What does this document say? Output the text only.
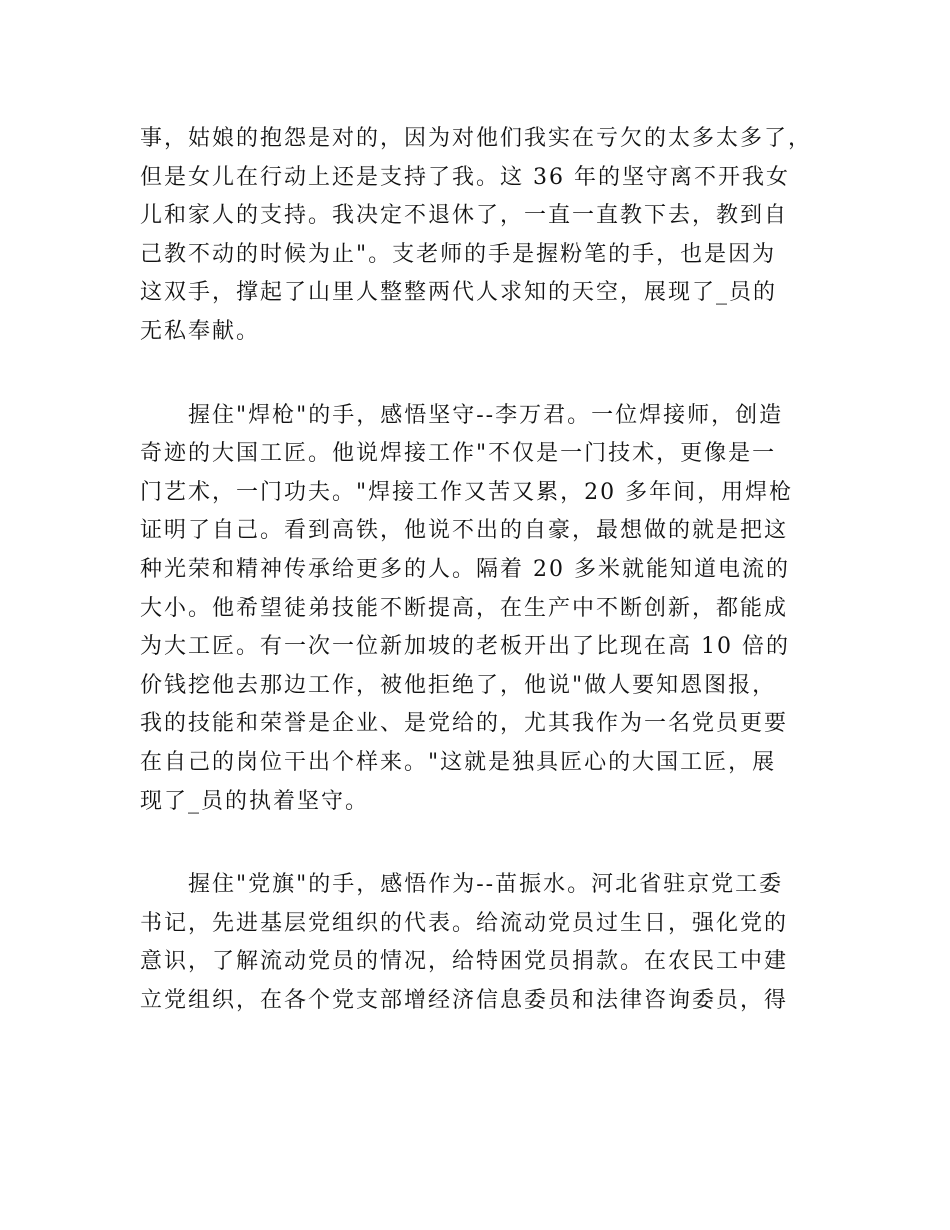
事，姑娘的抱怨是对的，因为对他们我实在亏欠的太多太多了，
但是女儿在行动上还是支持了我。这 36 年的坚守离不开我女
儿和家人的支持。我决定不退休了，一直一直教下去，教到自
己教不动的时候为止"。支老师的手是握粉笔的手，也是因为
这双手，撑起了山里人整整两代人求知的天空，展现了_员的
无私奉献。
握住"焊枪"的手，感悟坚守--李万君。一位焊接师，创造
奇迹的大国工匠。他说焊接工作"不仅是一门技术，更像是一
门艺术，一门功夫。"焊接工作又苦又累，20 多年间，用焊枪
证明了自己。看到高铁，他说不出的自豪，最想做的就是把这
种光荣和精神传承给更多的人。隔着 20 多米就能知道电流的
大小。他希望徒弟技能不断提高，在生产中不断创新，都能成
为大工匠。有一次一位新加坡的老板开出了比现在高 10 倍的
价钱挖他去那边工作，被他拒绝了，他说"做人要知恩图报，
我的技能和荣誉是企业、是党给的，尤其我作为一名党员更要
在自己的岗位干出个样来。"这就是独具匠心的大国工匠，展
现了_员的执着坚守。
握住"党旗"的手，感悟作为--苗振水。河北省驻京党工委
书记，先进基层党组织的代表。给流动党员过生日，强化党的
意识，了解流动党员的情况，给特困党员捐款。在农民工中建
立党组织，在各个党支部增经济信息委员和法律咨询委员，得
